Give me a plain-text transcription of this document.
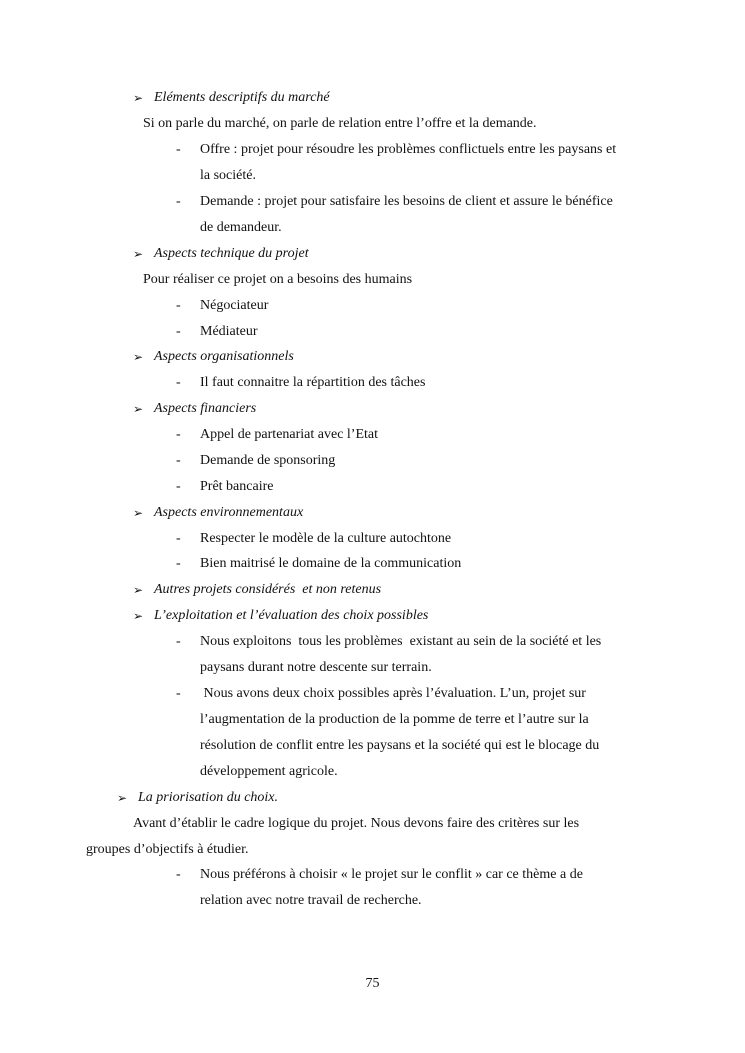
➢ Eléments descriptifs du marché
Si on parle du marché, on parle de relation entre l’offre et la demande.
- Offre : projet pour résoudre les problèmes conflictuels entre les paysans et
la société.
- Demande : projet pour satisfaire les besoins de client et assure le bénéfice
de demandeur.
➢ Aspects technique du projet
Pour réaliser ce projet on a besoins des humains
- Négociateur
- Médiateur
➢ Aspects organisationnels
- Il faut connaitre la répartition des tâches
➢ Aspects financiers
- Appel de partenariat avec l’Etat
- Demande de sponsoring
- Prêt bancaire
➢ Aspects environnementaux
- Respecter le modèle de la culture autochtone
- Bien maitrisé le domaine de la communication
➢ Autres projets considérés  et non retenus
➢ L’exploitation et l’évaluation des choix possibles
- Nous exploitons  tous les problèmes  existant au sein de la société et les
paysans durant notre descente sur terrain.
- Nous avons deux choix possibles après l’évaluation. L’un, projet sur
l’augmentation de la production de la pomme de terre et l’autre sur la
résolution de conflit entre les paysans et la société qui est le blocage du
développement agricole.
➢ La priorisation du choix.
Avant d’établir le cadre logique du projet. Nous devons faire des critères sur les
groupes d’objectifs à étudier.
- Nous préférons à choisir « le projet sur le conflit » car ce thème a de
relation avec notre travail de recherche.
75
